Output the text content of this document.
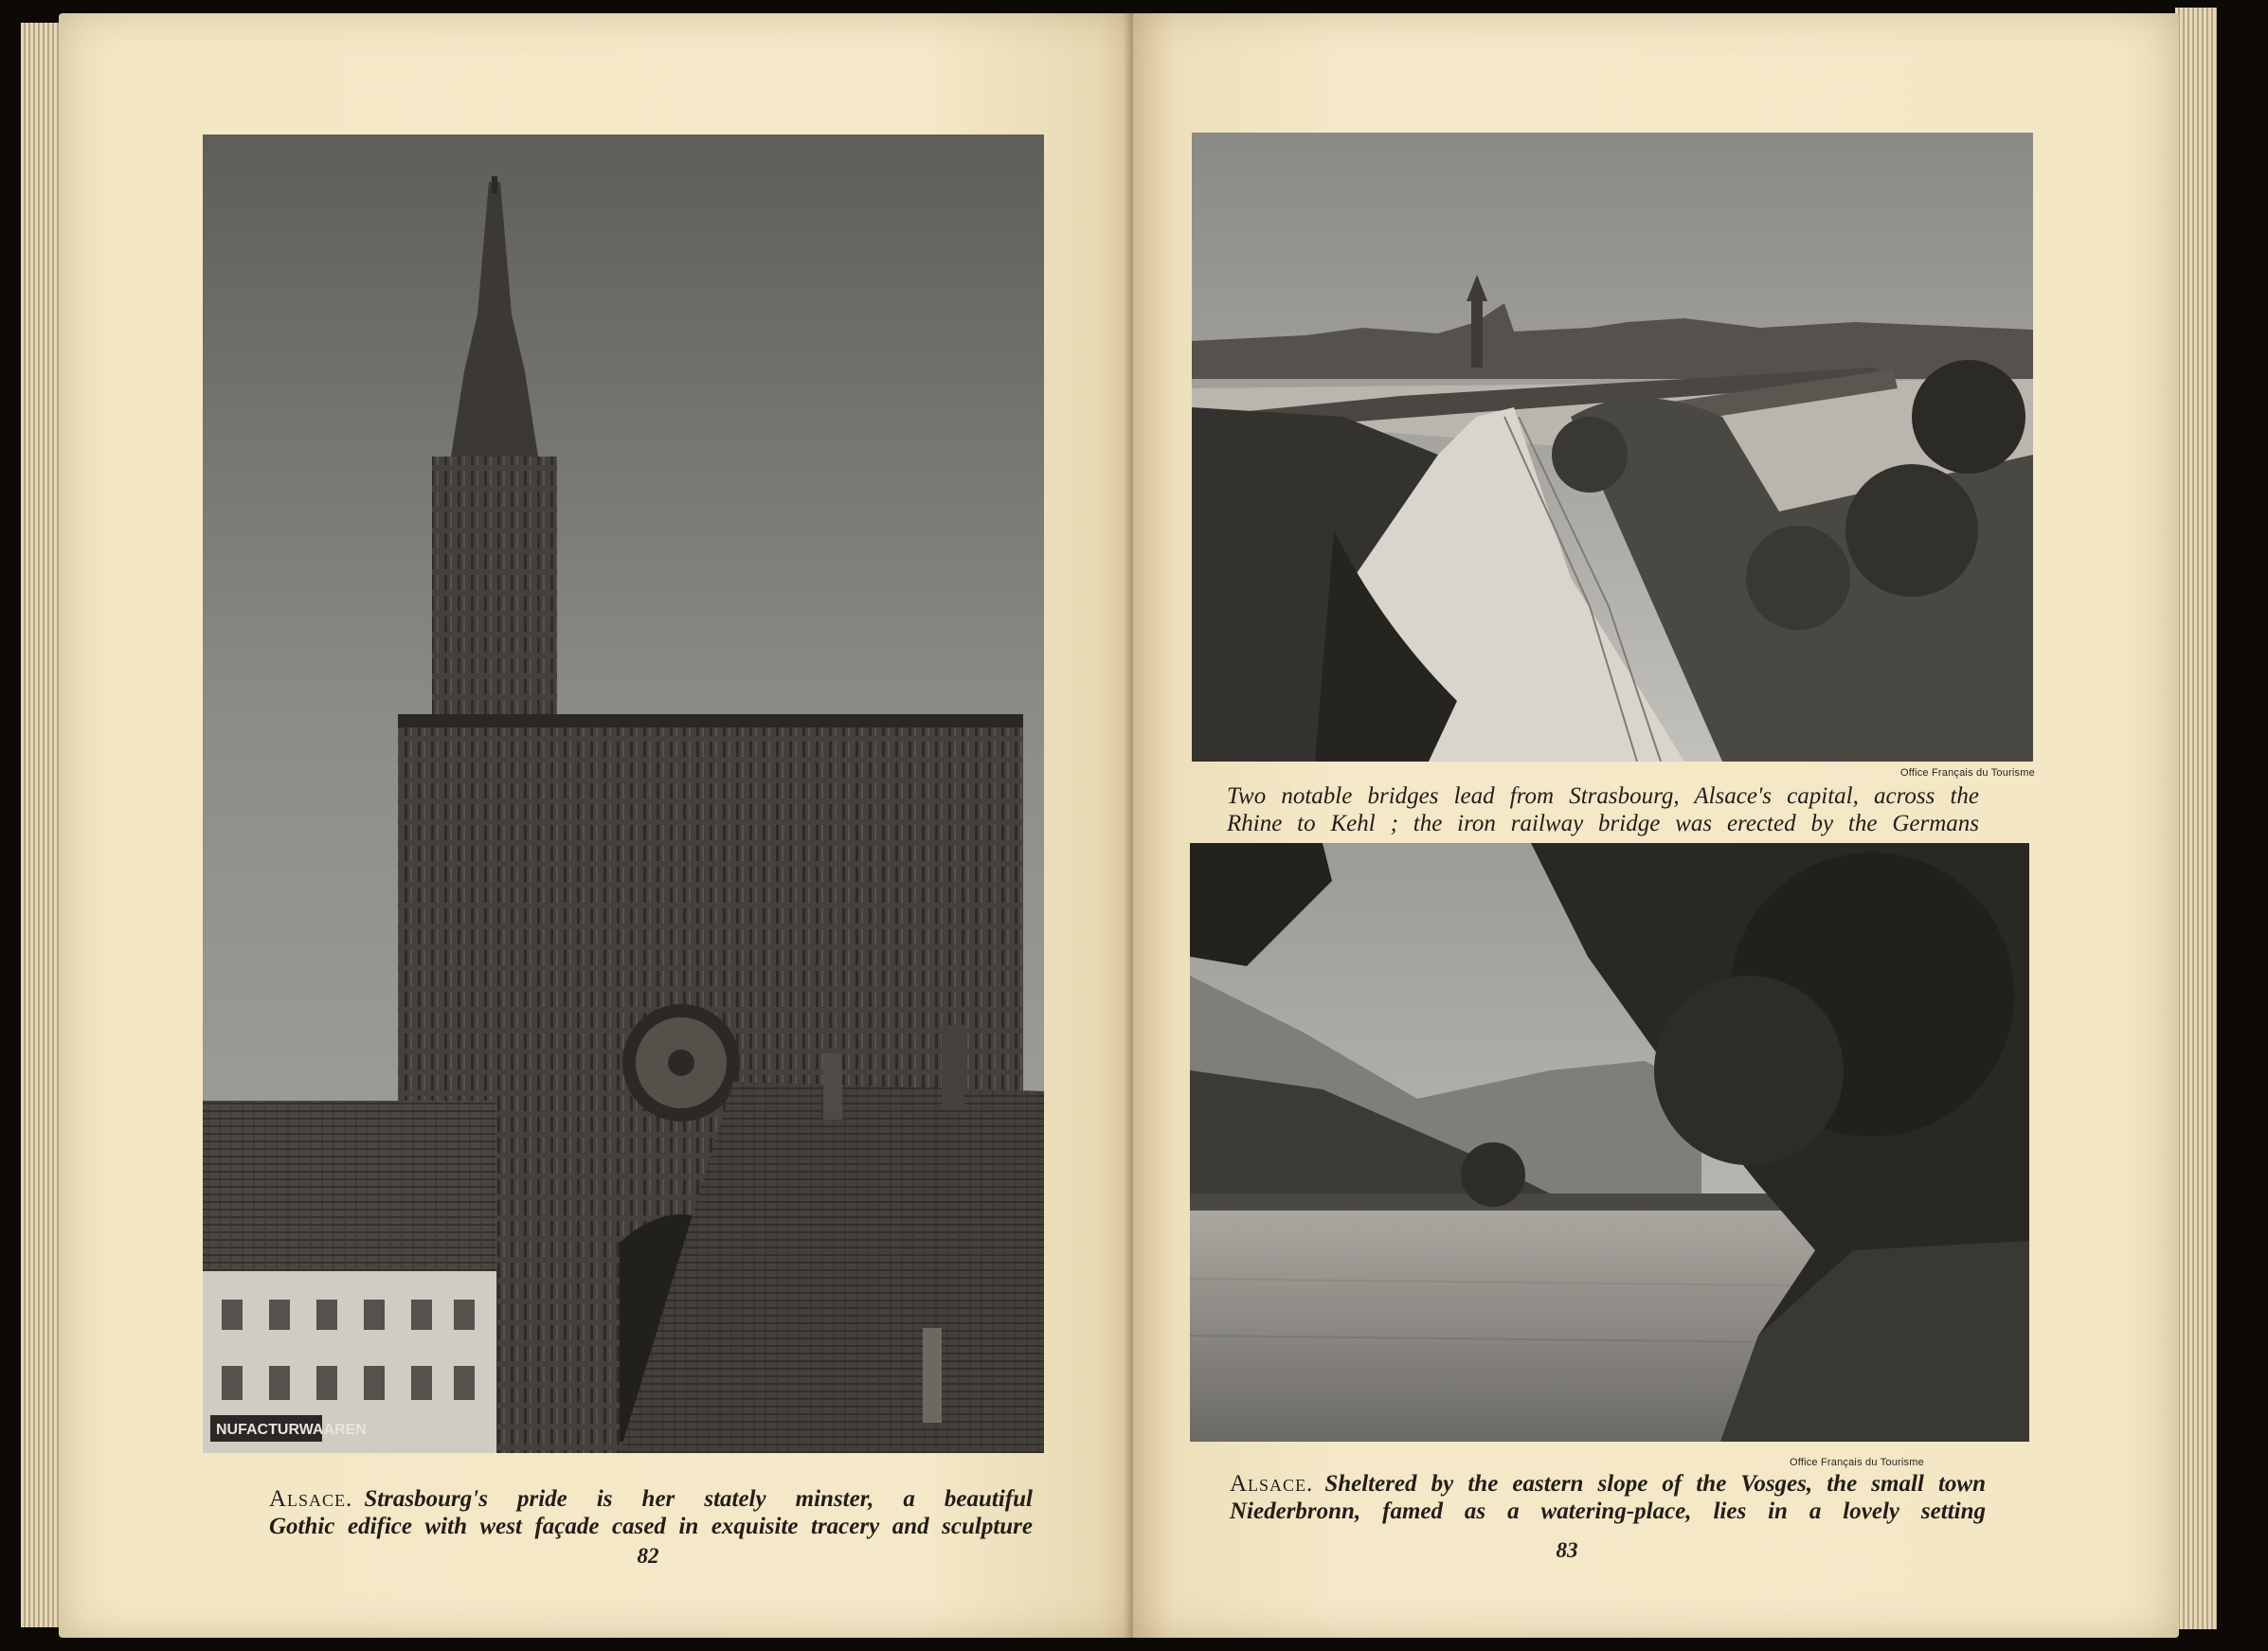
NUFACTURWAAREN
Alsace. Strasbourg's pride is her stately minster, a beautiful
Gothic edifice with west façade cased in exquisite tracery and sculpture
82
Office Français du Tourisme
Two notable bridges lead from Strasbourg, Alsace's capital, across the
Rhine to Kehl ; the iron railway bridge was erected by the Germans
Office Français du Tourisme
Alsace. Sheltered by the eastern slope of the Vosges, the small town
Niederbronn, famed as a watering-place, lies in a lovely setting
83
